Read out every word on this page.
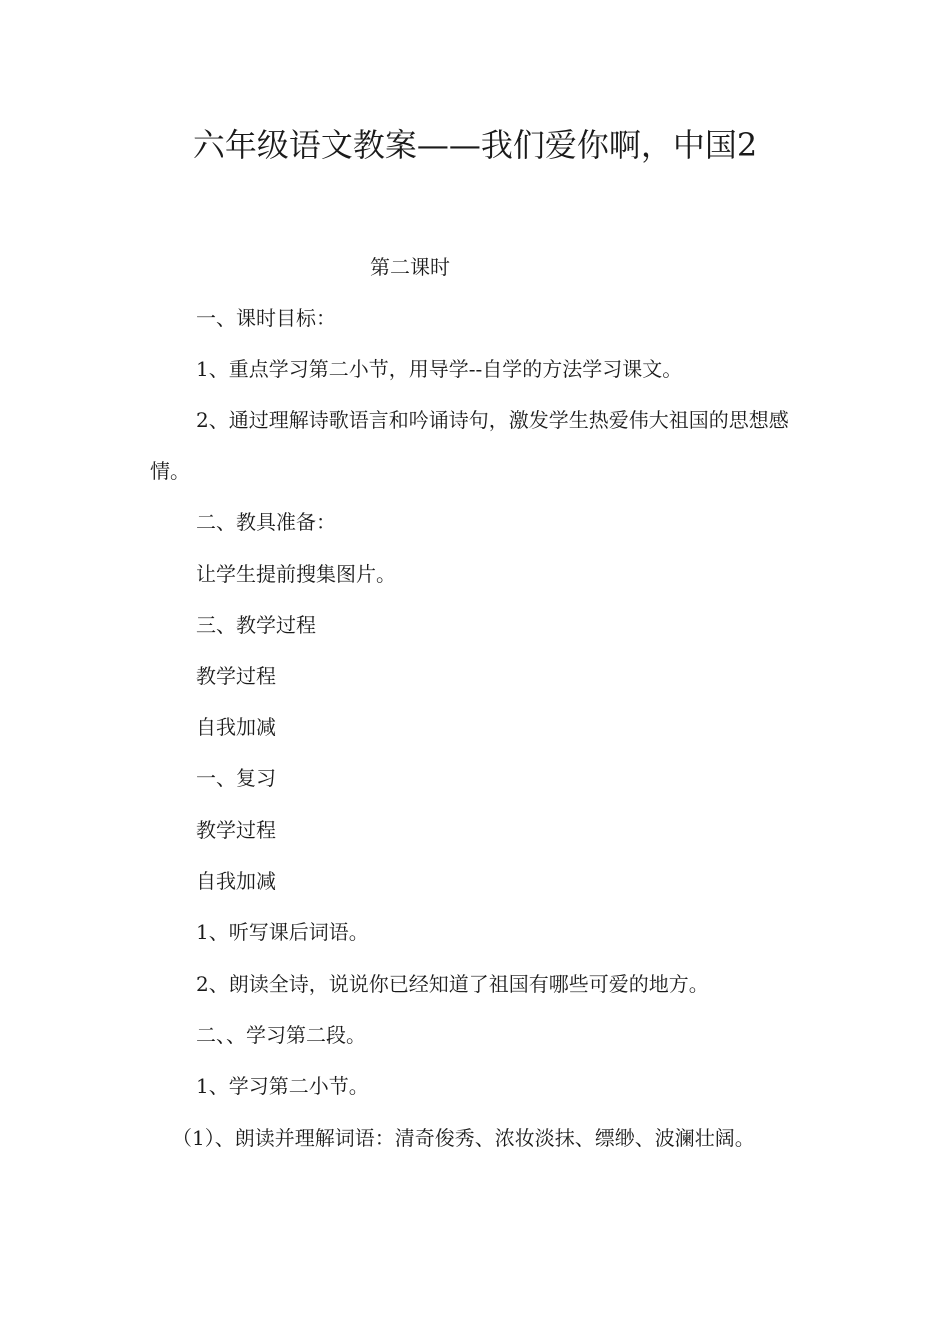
六年级语文教案——我们爱你啊，中国2
第二课时
一、课时目标：
1、重点学习第二小节，用导学--自学的方法学习课文。
2、通过理解诗歌语言和吟诵诗句，激发学生热爱伟大祖国的思想感情。
二、教具准备：
让学生提前搜集图片。
三、教学过程
教学过程
自我加减
一、复习
教学过程
自我加减
1、听写课后词语。
2、朗读全诗，说说你已经知道了祖国有哪些可爱的地方。
二、、学习第二段。
1、学习第二小节。
（1）、朗读并理解词语：清奇俊秀、浓妆淡抹、缥缈、波澜壮阔。
